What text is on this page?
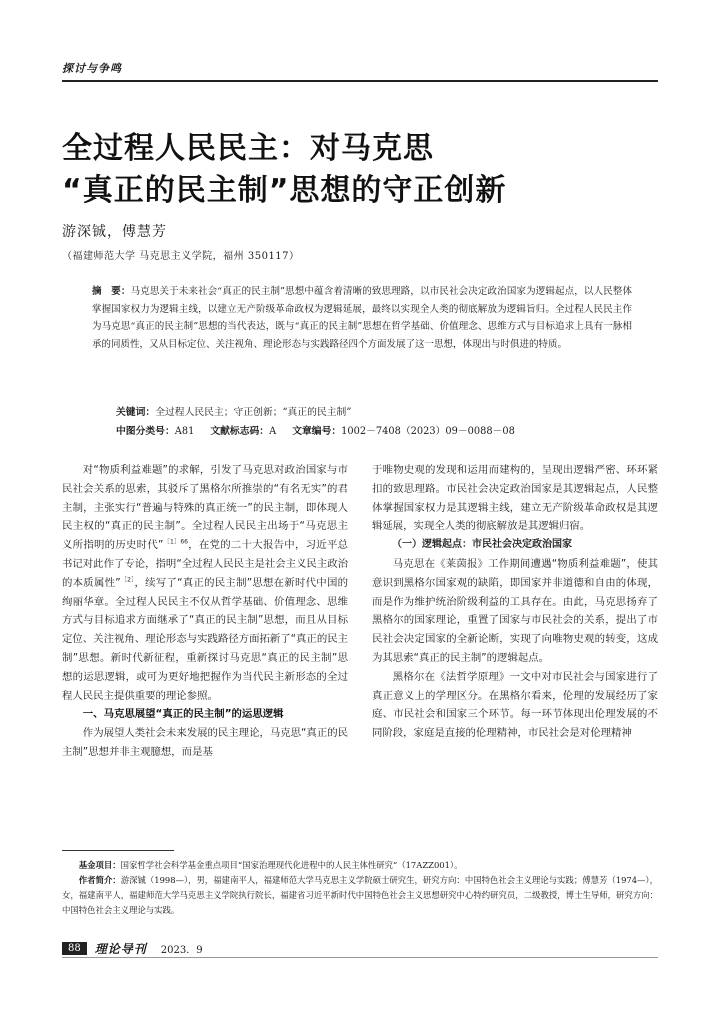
探讨与争鸣
全过程人民民主：对马克思
“真正的民主制”思想的守正创新
游深铖，傅慧芳
（福建师范大学 马克思主义学院，福州 350117）
摘　要：马克思关于未来社会“真正的民主制”思想中蕴含着清晰的致思理路，以市民社会决定政治国家为逻辑起点，以人民整体掌握国家权力为逻辑主线，以建立无产阶级革命政权为逻辑延展，最终以实现全人类的彻底解放为逻辑旨归。全过程人民民主作为马克思“真正的民主制”思想的当代表达，既与“真正的民主制”思想在哲学基础、价值理念、思维方式与目标追求上具有一脉相承的同质性，又从目标定位、关注视角、理论形态与实践路径四个方面发展了这一思想，体现出与时俱进的特质。
关键词：全过程人民民主；守正创新；“真正的民主制”
中图分类号：A81 文献标志码：A 文章编号：1002－7408（2023）09－0088－08

对“物质利益难题”的求解，引发了马克思对政治国家与市民社会关系的思索，其驳斥了黑格尔所推崇的“有名无实”的君主制，主张实行“普遍与特殊的真正统一”的民主制，即体现人民主权的“真正的民主制”。全过程人民民主出场于“马克思主义所指明的历史时代”$^{[1]66}$，在党的二十大报告中，习近平总书记对此作了专论，指明“全过程人民民主是社会主义民主政治的本质属性”$^{[2]}$，续写了“真正的民主制”思想在新时代中国的绚丽华章。全过程人民民主不仅从哲学基础、价值理念、思维方式与目标追求方面继承了“真正的民主制”思想，而且从目标定位、关注视角、理论形态与实践路径方面拓新了“真正的民主制”思想。新时代新征程，重新探讨马克思“真正的民主制”思想的运思逻辑，或可为更好地把握作为当代民主新形态的全过程人民民主提供重要的理论参照。

一、马克思展望“真正的民主制”的运思逻辑

作为展望人类社会未来发展的民主理论，马克思“真正的民主制”思想并非主观臆想，而是基

于唯物史观的发现和运用而建构的，呈现出逻辑严密、环环紧扣的致思理路。市民社会决定政治国家是其逻辑起点，人民整体掌握国家权力是其逻辑主线，建立无产阶级革命政权是其逻辑延展，实现全人类的彻底解放是其逻辑归宿。

（一）逻辑起点：市民社会决定政治国家

马克思在《莱茵报》工作期间遭遇“物质利益难题”，使其意识到黑格尔国家观的缺陷，即国家并非道德和自由的体现，而是作为维护统治阶级利益的工具存在。由此，马克思扬弃了黑格尔的国家理论，重置了国家与市民社会的关系，提出了市民社会决定国家的全新论断，实现了向唯物史观的转变，这成为其思索“真正的民主制”的逻辑起点。

黑格尔在《法哲学原理》一文中对市民社会与国家进行了真正意义上的学理区分。在黑格尔看来，伦理的发展经历了家庭、市民社会和国家三个环节。每一环节体现出伦理发展的不同阶段，家庭是直接的伦理精神，市民社会是对伦理精神

基金项目：国家哲学社会科学基金重点项目“国家治理现代化进程中的人民主体性研究”（17AZZ001）。

作者简介：游深铖（1998—），男，福建南平人，福建师范大学马克思主义学院硕士研究生，研究方向：中国特色社会主义理论与实践；傅慧芳（1974—），女，福建南平人，福建师范大学马克思主义学院执行院长，福建省习近平新时代中国特色社会主义思想研究中心特约研究员，二级教授，博士生导师，研究方向：中国特色社会主义理论与实践。

88	理论导刊 2023．9
